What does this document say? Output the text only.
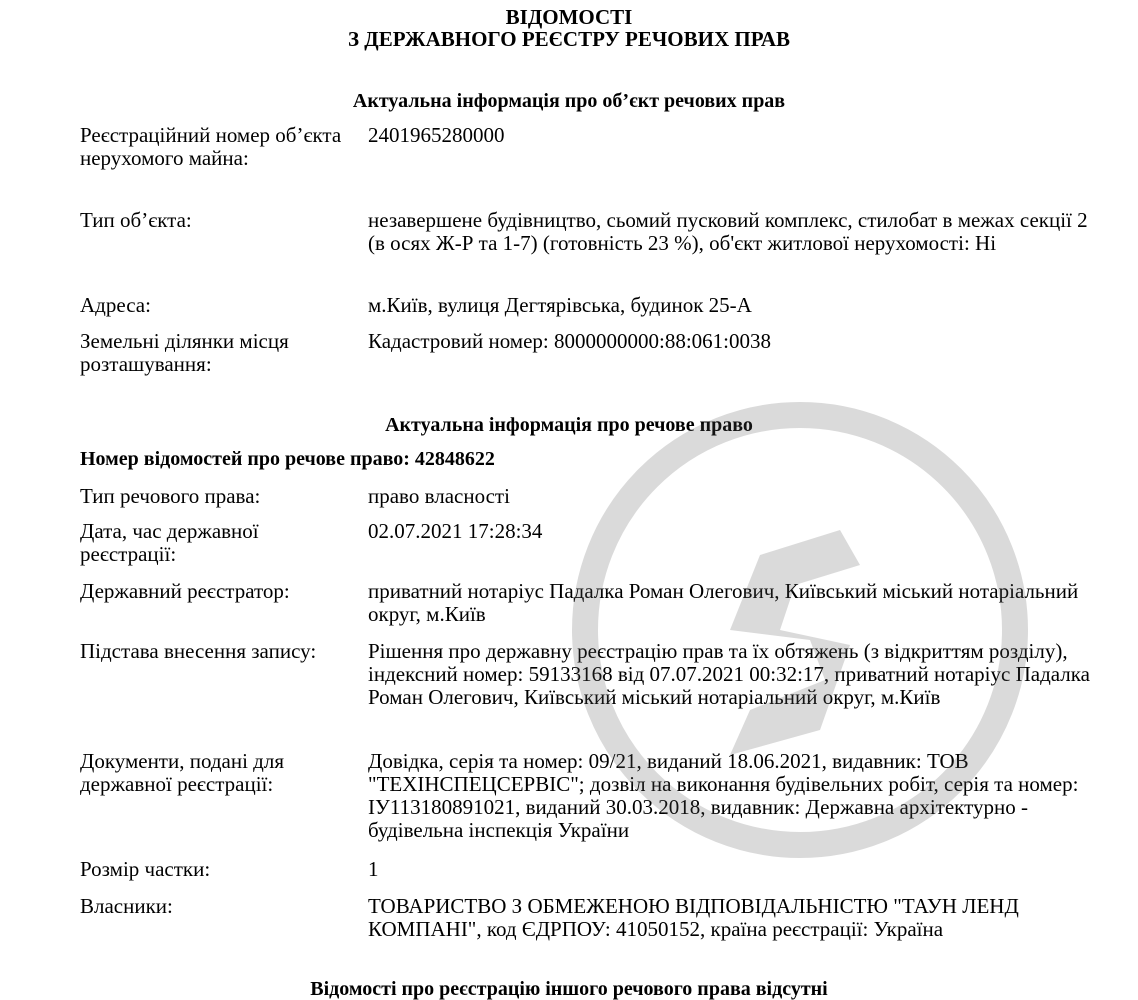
ВІДОМОСТІ
З ДЕРЖАВНОГО РЕЄСТРУ РЕЧОВИХ ПРАВ
Актуальна інформація про об’єкт речових прав
Реєстраційний номер об’єкта нерухомого майна:
2401965280000
Тип об’єкта:	незавершене будівництво, сьомий пусковий комплекс, стилобат в межах секції 2 (в осях Ж-Р та 1-7) (готовність 23 %), об'єкт житлової нерухомості: Ні
Адреса:	м.Київ, вулиця Дегтярівська, будинок 25-А
Земельні ділянки місця розташування:
Кадастровий номер: 8000000000:88:061:0038
Актуальна інформація про речове право
Номер відомостей про речове право: 42848622
Тип речового права:	право власності
Дата, час державної реєстрації:
02.07.2021 17:28:34
Державний реєстратор:	приватний нотаріус Падалка Роман Олегович, Київський міський нотаріальний округ, м.Київ
Підстава внесення запису:	Рішення про державну реєстрацію прав та їх обтяжень (з відкриттям розділу), індексний номер: 59133168 від 07.07.2021 00:32:17, приватний нотаріус Падалка Роман Олегович, Київський міський нотаріальний округ, м.Київ
Документи, подані для державної реєстрації:
Довідка, серія та номер: 09/21, виданий 18.06.2021, видавник: ТОВ "ТЕХІНСПЕЦСЕРВІС"; дозвіл на виконання будівельних робіт, серія та номер: ІУ113180891021, виданий 30.03.2018, видавник: Державна архітектурно - будівельна інспекція України
Розмір частки:	1
Власники:	ТОВАРИСТВО З ОБМЕЖЕНОЮ ВІДПОВІДАЛЬНІСТЮ "ТАУН ЛЕНД КОМПАНІ", код ЄДРПОУ: 41050152, країна реєстрації: Україна
Відомості про реєстрацію іншого речового права відсутні
